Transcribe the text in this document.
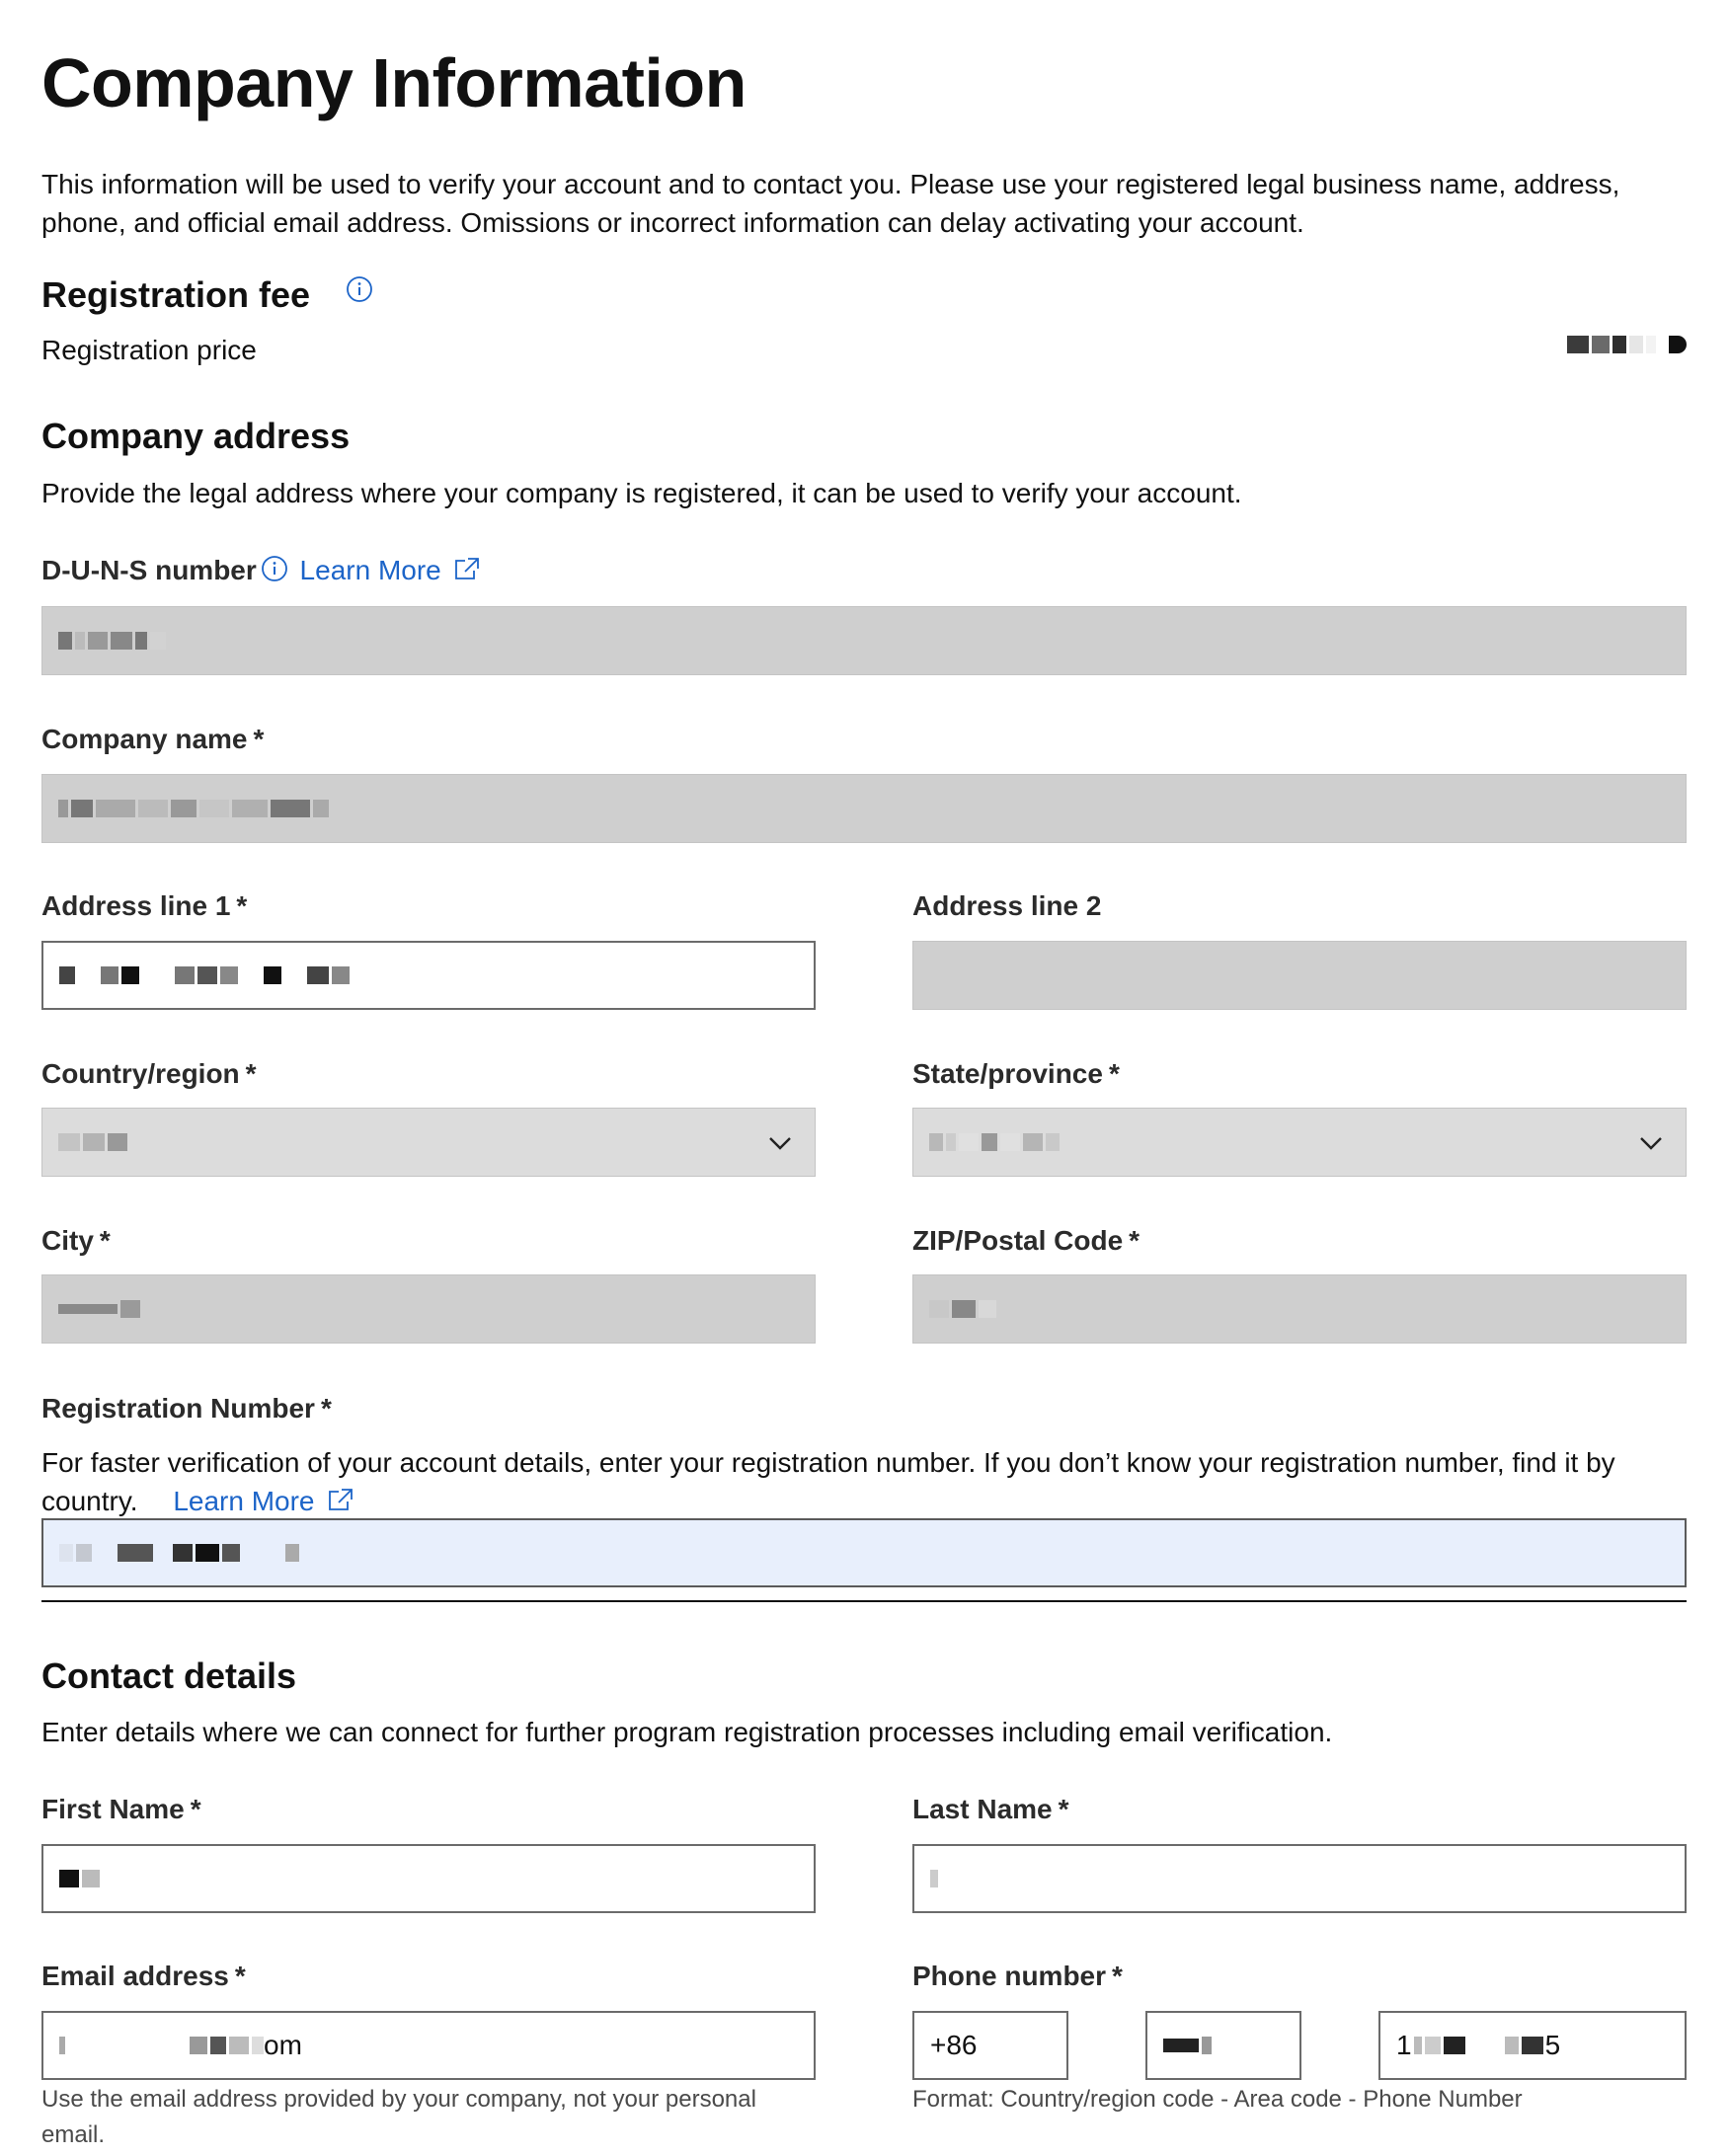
Company Information

This information will be used to verify your account and to contact you. Please use your registered legal business name, address, phone, and official email address. Omissions or incorrect information can delay activating your account.

Registration fee

Registration price

Company address

Provide the legal address where your company is registered, it can be used to verify your account.

D-U-N-S number Learn More
Company name *
Address line 1 *	Address line 2
Country/region *	State/province *
City *	ZIP/Postal Code *
Registration Number *

For faster verification of your account details, enter your registration number. If you don’t know your registration number, find it by country. Learn More

Contact details

Enter details where we can connect for further program registration processes including email verification.

First Name *	Last Name *
Email address *
om
Use the email address provided by your company, not your personal email.
Phone number *
+86	1	5
Format: Country/region code - Area code - Phone Number
